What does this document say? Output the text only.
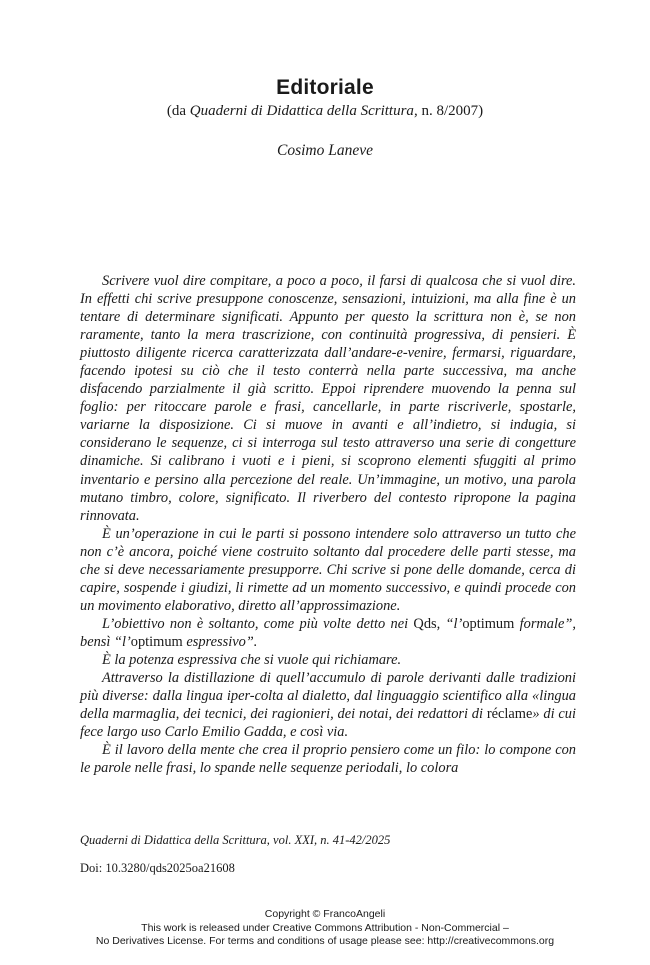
Editoriale
(da Quaderni di Didattica della Scrittura, n. 8/2007)
Cosimo Laneve

Scrivere vuol dire compitare, a poco a poco, il farsi di qualcosa che si vuol dire. In effetti chi scrive presuppone conoscenze, sensazioni, intuizioni, ma alla fine è un tentare di determinare significati. Appunto per questo la scrittura non è, se non raramente, tanto la mera trascrizione, con continuità progressiva, di pensieri. È piuttosto diligente ricerca caratterizzata dall’andare-e-venire, fermarsi, riguardare, facendo ipotesi su ciò che il testo conterrà nella parte successiva, ma anche disfacendo parzialmente il già scritto. Eppoi riprendere muovendo la penna sul foglio: per ritoccare parole e frasi, cancellarle, in parte riscriverle, spostarle, variarne la disposizione. Ci si muove in avanti e all’indietro, si indugia, si considerano le sequenze, ci si interroga sul testo attraverso una serie di congetture dinamiche. Si calibrano i vuoti e i pieni, si scoprono elementi sfuggiti al primo inventario e persino alla percezione del reale. Un’immagine, un motivo, una parola mutano timbro, colore, significato. Il riverbero del contesto ripropone la pagina rinnovata.

È un’operazione in cui le parti si possono intendere solo attraverso un tutto che non c’è ancora, poiché viene costruito soltanto dal procedere delle parti stesse, ma che si deve necessariamente presupporre. Chi scrive si pone delle domande, cerca di capire, sospende i giudizi, li rimette ad un momento successivo, e quindi procede con un movimento elaborativo, diretto all’approssimazione.

L’obiettivo non è soltanto, come più volte detto nei Qds, “l’optimum formale”, bensì “l’optimum espressivo”.

È la potenza espressiva che si vuole qui richiamare.

Attraverso la distillazione di quell’accumulo di parole derivanti dalle tradizioni più diverse: dalla lingua iper-colta al dialetto, dal linguaggio scientifico alla «lingua della marmaglia, dei tecnici, dei ragionieri, dei notai, dei redattori di réclame» di cui fece largo uso Carlo Emilio Gadda, e così via.

È il lavoro della mente che crea il proprio pensiero come un filo: lo compone con le parole nelle frasi, lo spande nelle sequenze periodali, lo colora

Quaderni di Didattica della Scrittura, vol. XXI, n. 41-42/2025
Doi: 10.3280/qds2025oa21608
Copyright © FrancoAngeli
This work is released under Creative Commons Attribution - Non-Commercial –
No Derivatives License. For terms and conditions of usage please see: http://creativecommons.org
